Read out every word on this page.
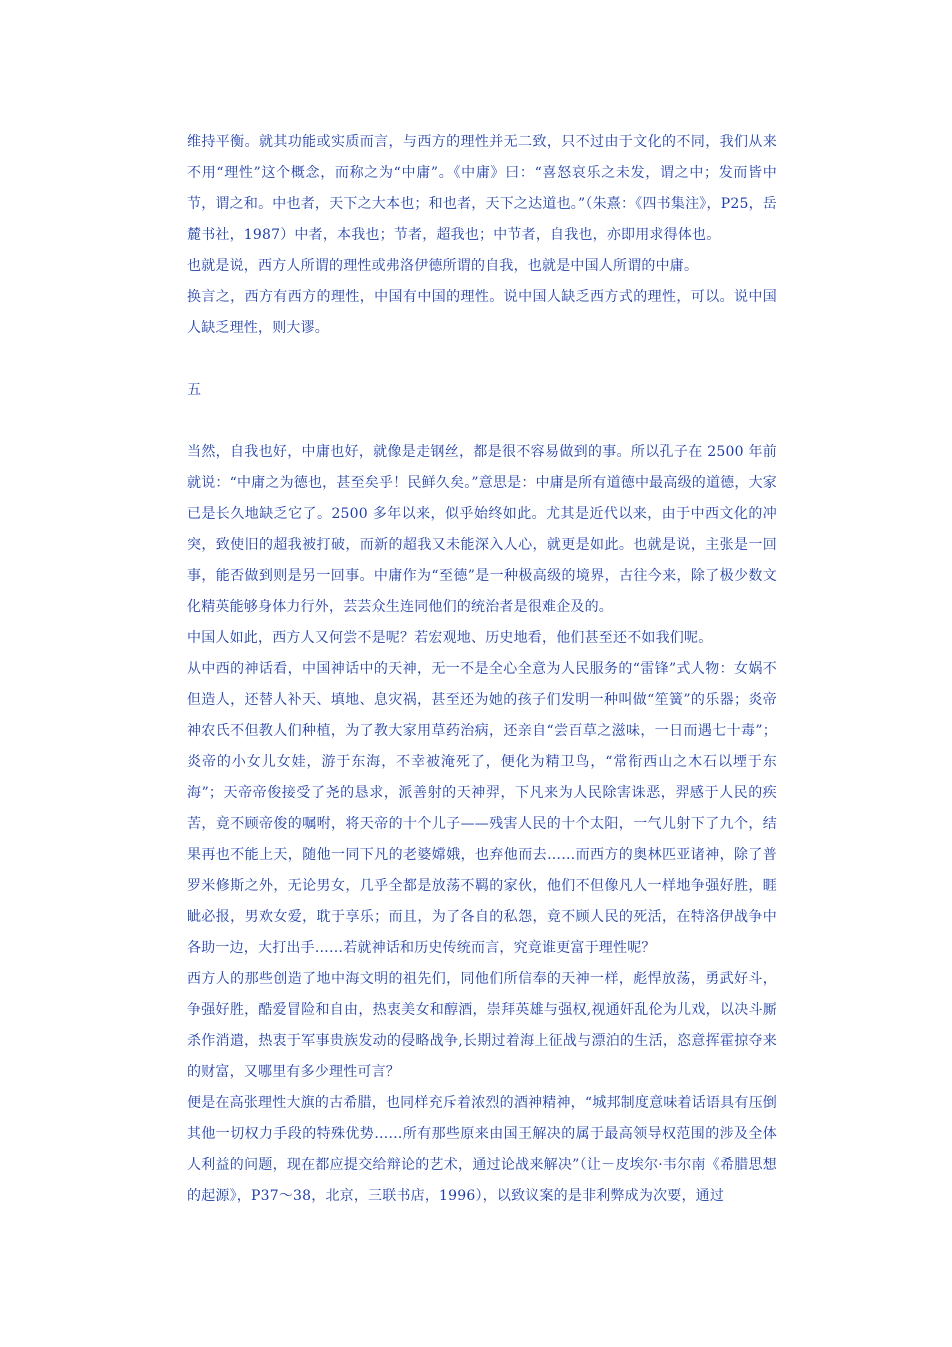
维持平衡。就其功能或实质而言，与西方的理性并无二致，只不过由于文化的不同，我们从来不用“理性”这个概念，而称之为“中庸”。《中庸》曰：“喜怒哀乐之未发，谓之中；发而皆中节，谓之和。中也者，天下之大本也；和也者，天下之达道也。”（朱熹：《四书集注》，P25，岳麓书社，1987）中者，本我也；节者，超我也；中节者，自我也，亦即用求得体也。

也就是说，西方人所谓的理性或弗洛伊德所谓的自我，也就是中国人所谓的中庸。

换言之，西方有西方的理性，中国有中国的理性。说中国人缺乏西方式的理性，可以。说中国人缺乏理性，则大谬。

五

当然，自我也好，中庸也好，就像是走钢丝，都是很不容易做到的事。所以孔子在 2500 年前就说：“中庸之为德也，甚至矣乎！民鲜久矣。”意思是：中庸是所有道德中最高级的道德，大家已是长久地缺乏它了。2500 多年以来，似乎始终如此。尤其是近代以来，由于中西文化的冲突，致使旧的超我被打破，而新的超我又未能深入人心，就更是如此。也就是说，主张是一回事，能否做到则是另一回事。中庸作为“至德”是一种极高级的境界，古往今来，除了极少数文化精英能够身体力行外，芸芸众生连同他们的统治者是很难企及的。

中国人如此，西方人又何尝不是呢？若宏观地、历史地看，他们甚至还不如我们呢。

从中西的神话看，中国神话中的天神，无一不是全心全意为人民服务的“雷锋”式人物：女娲不但造人，还替人补天、填地、息灾祸，甚至还为她的孩子们发明一种叫做“笙簧”的乐器；炎帝神农氏不但教人们种植，为了教大家用草药治病，还亲自“尝百草之滋味，一日而遇七十毒”；炎帝的小女儿女娃，游于东海，不幸被淹死了，便化为精卫鸟，“常衔西山之木石以堙于东海”；天帝帝俊接受了尧的恳求，派善射的天神羿，下凡来为人民除害诛恶，羿感于人民的疾苦，竟不顾帝俊的嘱咐，将天帝的十个儿子——残害人民的十个太阳，一气儿射下了九个，结果再也不能上天，随他一同下凡的老婆嫦娥，也弃他而去……而西方的奥林匹亚诸神，除了普罗米修斯之外，无论男女，几乎全都是放荡不羁的家伙，他们不但像凡人一样地争强好胜，睚眦必报，男欢女爱，耽于享乐；而且，为了各自的私怨，竟不顾人民的死活，在特洛伊战争中各助一边，大打出手……若就神话和历史传统而言，究竟谁更富于理性呢？

西方人的那些创造了地中海文明的祖先们，同他们所信奉的天神一样，彪悍放荡，勇武好斗，争强好胜，酷爱冒险和自由，热衷美女和醇酒，崇拜英雄与强权,视通奸乱伦为儿戏，以决斗厮杀作消遣，热衷于军事贵族发动的侵略战争,长期过着海上征战与漂泊的生活，恣意挥霍掠夺来的财富，又哪里有多少理性可言？

便是在高张理性大旗的古希腊，也同样充斥着浓烈的酒神精神，“城邦制度意味着话语具有压倒其他一切权力手段的特殊优势……所有那些原来由国王解决的属于最高领导权范围的涉及全体人利益的问题，现在都应提交给辩论的艺术，通过论战来解决”（让－皮埃尔·韦尔南《希腊思想的起源》，P37～38，北京，三联书店，1996），以致议案的是非利弊成为次要，通过
